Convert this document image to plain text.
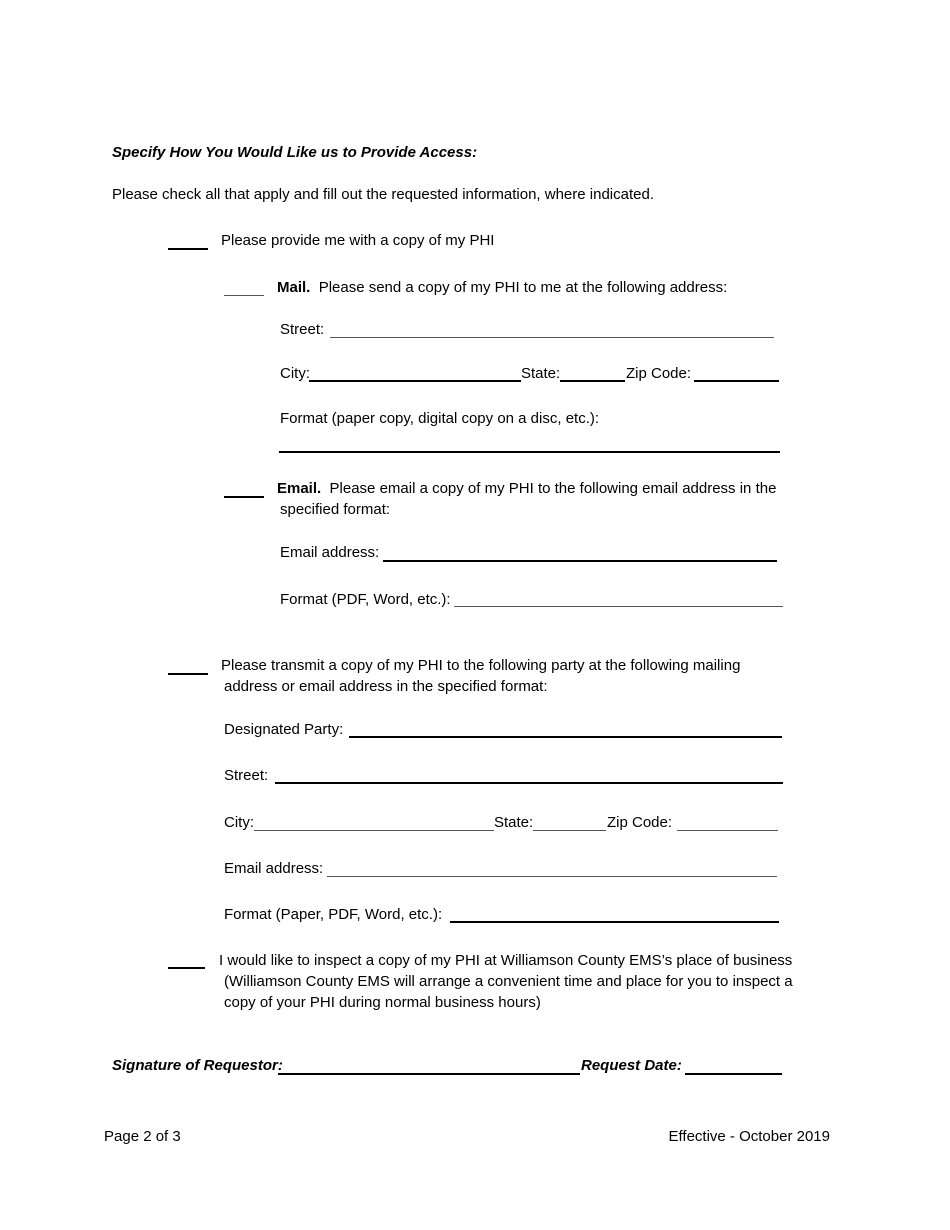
Specify How You Would Like us to Provide Access:
Please check all that apply and fill out the requested information, where indicated.
Please provide me with a copy of my PHI
Mail. Please send a copy of my PHI to me at the following address:
Street:
City:	State:	Zip Code:
Format (paper copy, digital copy on a disc, etc.):
Email. Please email a copy of my PHI to the following email address in the
specified format:
Email address:
Format (PDF, Word, etc.):
Please transmit a copy of my PHI to the following party at the following mailing
address or email address in the specified format:
Designated Party:
Street:
City:	State:	Zip Code:
Email address:
Format (Paper, PDF, Word, etc.):
I would like to inspect a copy of my PHI at Williamson County EMS’s place of business
(Williamson County EMS will arrange a convenient time and place for you to inspect a
copy of your PHI during normal business hours)
Signature of Requestor:	Request Date:
Page 2 of 3	Effective - October 2019
